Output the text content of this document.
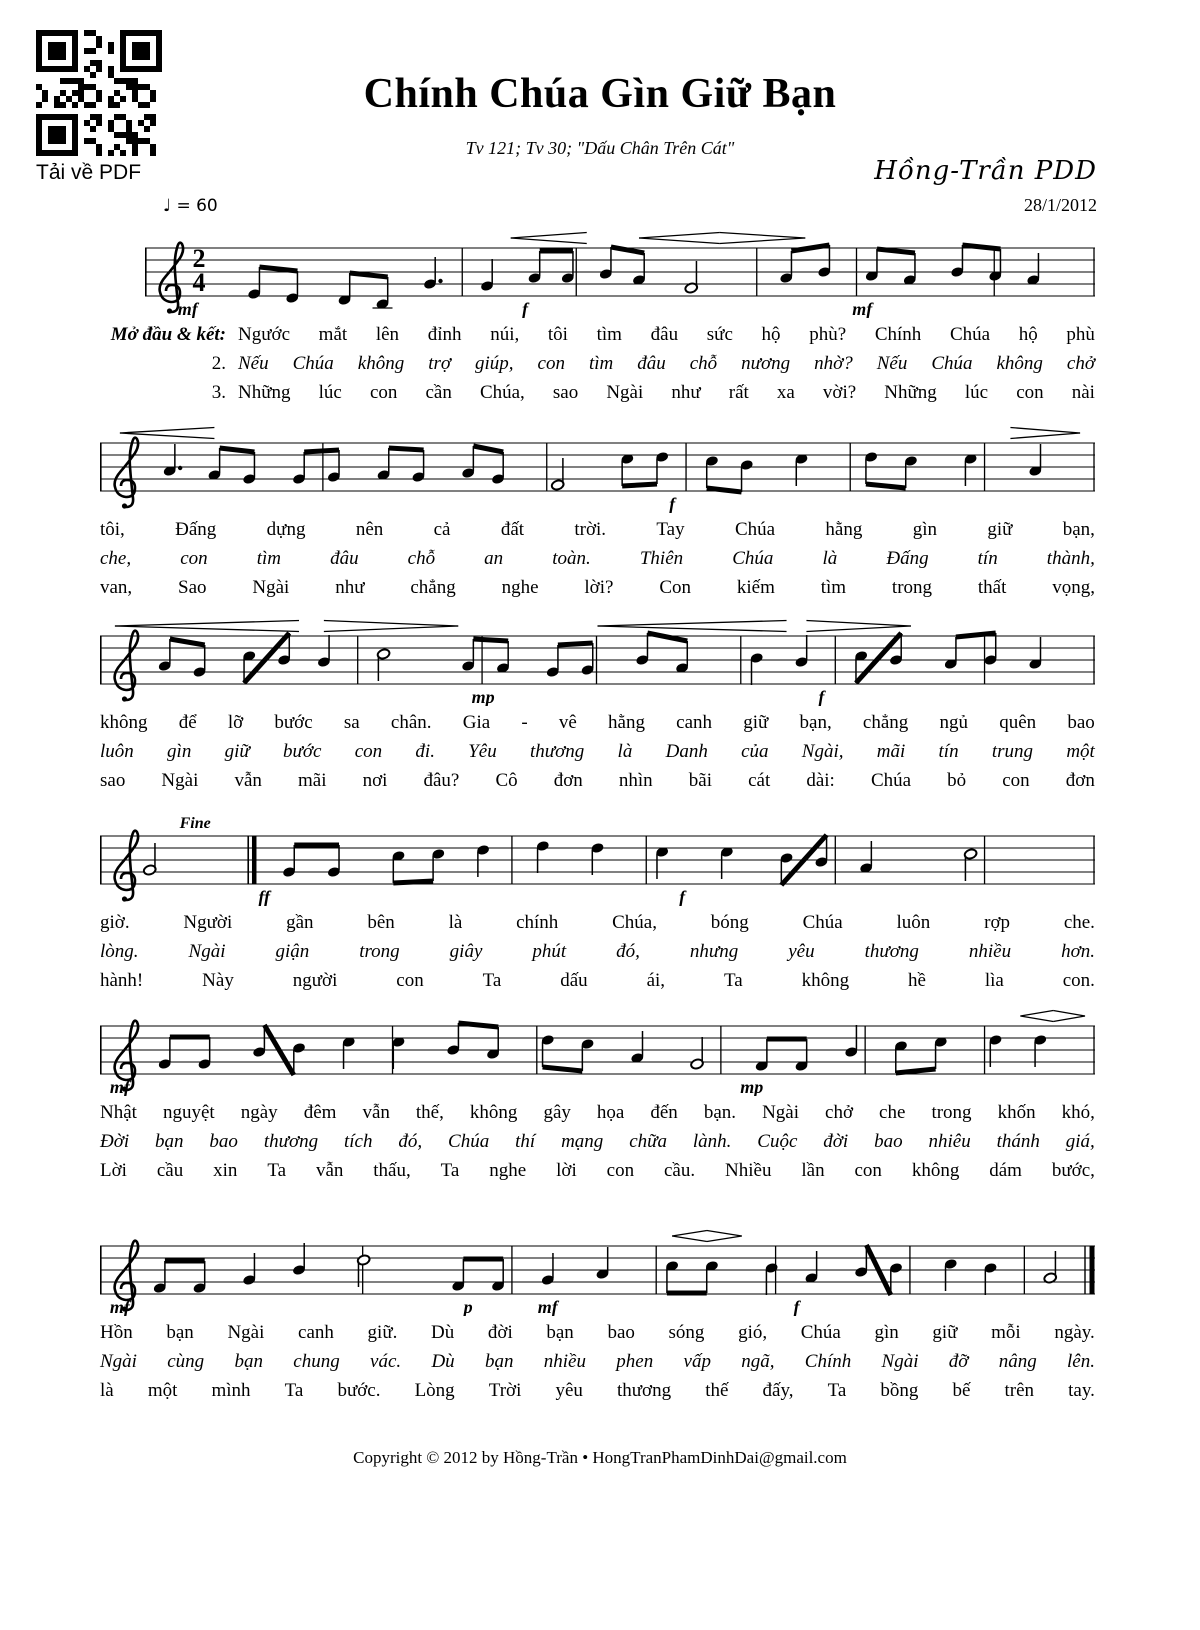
Tải về PDF
Chính Chúa Gìn Giữ Bạn
Tv 121; Tv 30; "Dấu Chân Trên Cát"
Hồng-Trần PDD
28/1/2012
♩ = 60
2
4
mf	f	mf
Mở đầu & kết: Ngước mắt lên đỉnh núi, tôi tìm đâu sức hộ phù? Chính Chúa hộ phù
2. Nếu Chúa không trợ giúp, con tìm đâu chỗ nương nhờ? Nếu Chúa không chở
3. Những lúc con cần Chúa, sao Ngài như rất xa vời? Những lúc con nài
f
tôi,	Đấng	dựng	nên	cả	đất	trời.	Tay	Chúa	hằng	gìn	giữ	bạn,
che,	con	tìm	đâu	chỗ	an	toàn.	Thiên	Chúa	là	Đấng	tín	thành,
van, Sao Ngài như chẳng nghe lời? Con kiếm tìm trong thất vọng,
mp	f
không để lỡ bước sa chân. Gia - vê hằng canh giữ bạn, chẳng ngủ quên bao
luôn gìn giữ bước con đi. Yêu thương là Danh của Ngài, mãi tín trung một
sao Ngài vẫn mãi nơi đâu? Cô đơn nhìn bãi cát dài: Chúa bỏ con đơn
ff	f
Fine
giờ.	Người	gần	bên	là	chính	Chúa,	bóng	Chúa	luôn	rợp	che.
lòng.	Ngài	giận	trong	giây	phút	đó,	nhưng	yêu	thương	nhiều	hơn.
hành!	Này	người	con	Ta	dấu	ái,	Ta	không	hề	lìa	con.
mf	mp
Nhật nguyệt ngày đêm vẫn thế, không gây họa đến bạn. Ngài chở che trong khốn khó,
Đời bạn bao thương tích đó, Chúa thí mạng chữa lành. Cuộc đời bao nhiêu thánh giá,
Lời cầu xin Ta vẫn thấu, Ta nghe lời con cầu. Nhiều lần con không dám bước,
mf	p	mf	f
Hồn bạn Ngài canh giữ. Dù đời bạn bao sóng gió, Chúa gìn giữ mỗi ngày.
Ngài cùng bạn chung vác. Dù bạn nhiều phen vấp ngã, Chính Ngài đỡ nâng lên.
là một mình Ta bước. Lòng Trời yêu thương thế đấy, Ta bồng bế trên tay.
Copyright © 2012 by Hồng-Trần • HongTranPhamDinhDai@gmail.com
